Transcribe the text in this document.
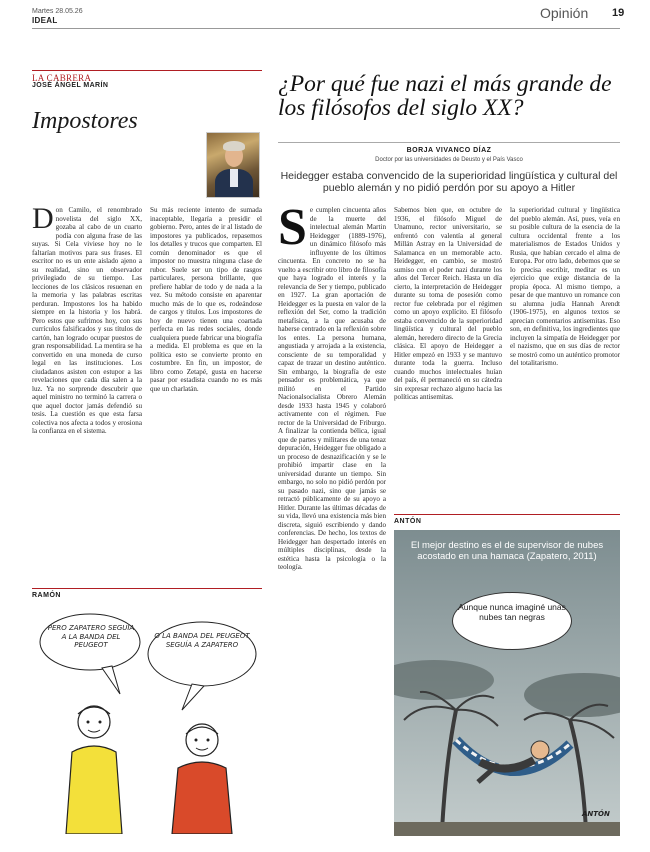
Martes 28.05.26
IDEAL	Opinión 19
LA CABRERA
JOSÉ ÁNGEL MARÍN
Impostores
Don Camilo, el renombrado novelista del siglo XX, gozaba al cabo de un cuarto podía con alguna frase de las suyas. Si Cela viviese hoy no le faltarían motivos para sus frases. El escritor no es un ente aislado ajeno a su realidad, sino un observador privilegiado de su tiempo. Las lecciones de los clásicos resuenan en la memoria y las palabras escritas perduran. Impostores los ha habido siempre en la historia y los habrá. Pero estos que sufrimos hoy, con sus currículos falsificados y sus títulos de cartón, han logrado ocupar puestos de gran responsabilidad. La mentira se ha convertido en una moneda de curso legal en las instituciones. Los ciudadanos asisten con estupor a las revelaciones que cada día salen a la luz. Ya no sorprende descubrir que aquel ministro no terminó la carrera o que aquel doctor jamás defendió su tesis. La cuestión es que esta farsa colectiva nos afecta a todos y erosiona la confianza en el sistema.
Su más reciente intento de sumada inaceptable, llegaría a presidir el gobierno. Pero, antes de ir al listado de impostores ya publicados, repasemos los detalles y trucos que comparten. El común denominador es que el impostor no muestra ninguna clase de rubor. Suele ser un tipo de rasgos particulares, persona brillante, que prefiere hablar de todo y de nada a la vez. Su método consiste en aparentar mucho más de lo que es, rodeándose de cargos y títulos. Los impostores de hoy de nuevo tienen una coartada perfecta en las redes sociales, donde cualquiera puede fabricar una biografía a medida. El problema es que en la política esto se convierte pronto en costumbre. En fin, un impostor, de libro como Zetapé, gusta en hacerse pasar por estadista cuando no es más que un charlatán.
RAMÓN
PERO ZAPATERO SEGUÍA A LA BANDA DEL PEUGEOT
O LA BANDA DEL PEUGEOT SEGUÍA A ZAPATERO
¿Por qué fue nazi el más grande de los filósofos del siglo XX?
BORJA VIVANCO DÍAZ
Doctor por las universidades de Deusto y el País Vasco
Heidegger estaba convencido de la superioridad lingüística y cultural del pueblo alemán y no pidió perdón por su apoyo a Hitler
Se cumplen cincuenta años de la muerte del intelectual alemán Martin Heidegger (1889-1976), un dinámico filósofo más influyente de los últimos cincuenta. En concreto no se ha vuelto a escribir otro libro de filosofía que haya logrado el interés y la relevancia de Ser y tiempo, publicado en 1927. La gran aportación de Heidegger es la puesta en valor de la reflexión del Ser, como la tradición metafísica, a la que acusaba de haberse centrado en la reflexión sobre los entes. La persona humana, angustiada y arrojada a la existencia, consciente de su temporalidad y capaz de trazar un destino auténtico. Sin embargo, la biografía de este pensador es problemática, ya que militó en el Partido Nacionalsocialista Obrero Alemán desde 1933 hasta 1945 y colaboró activamente con el régimen. Fue rector de la Universidad de Friburgo. A finalizar la contienda bélica, igual que de partes y militares de una tenaz depuración, Heidegger fue obligado a un proceso de desnazificación y se le prohibió impartir clase en la universidad durante un tiempo. Sin embargo, no solo no pidió perdón por su pasado nazi, sino que jamás se retractó públicamente de su apoyo a Hitler. Durante las últimas décadas de su vida, llevó una existencia más bien discreta, siguió escribiendo y dando conferencias. De hecho, los textos de Heidegger han despertado interés en múltiples disciplinas, desde la estética hasta la psicología o la teología.
Sabemos bien que, en octubre de 1936, el filósofo Miguel de Unamuno, rector universitario, se enfrentó con valentía al general Millán Astray en la Universidad de Salamanca en un memorable acto. Heidegger, en cambio, se mostró sumiso con el poder nazi durante los años del Tercer Reich. Hasta un día cierto, la interpretación de Heidegger durante su toma de posesión como rector fue celebrada por el régimen como un apoyo explícito. El filósofo estaba convencido de la superioridad lingüística y cultural del pueblo alemán, heredero directo de la Grecia clásica. El apoyo de Heidegger a Hitler empezó en 1933 y se mantuvo durante toda la guerra. Incluso cuando muchos intelectuales huían del país, él permaneció en su cátedra sin expresar rechazo alguno hacia las políticas antisemitas.
la superioridad cultural y lingüística del pueblo alemán. Así, pues, veía en su posible cultura de la esencia de la cultura occidental frente a los materialismos de Estados Unidos y Rusia, que habían cercado el alma de Europa. Por otro lado, debemos que se lo precisa escribir, meditar es un ejercicio que exige distancia de la propia época. Al mismo tiempo, a pesar de que mantuvo un romance con su alumna judía Hannah Arendt (1906-1975), en algunos textos se aprecian comentarios antisemitas. Eso son, en definitiva, los ingredientes que incluyen la simpatía de Heidegger por el nazismo, que en sus días de rector se mostró como un auténtico promotor del totalitarismo.
ANTÓN
El mejor destino es el de supervisor de nubes acostado en una hamaca (Zapatero, 2011)
Aunque nunca imaginé unas nubes tan negras
ANTÓN
